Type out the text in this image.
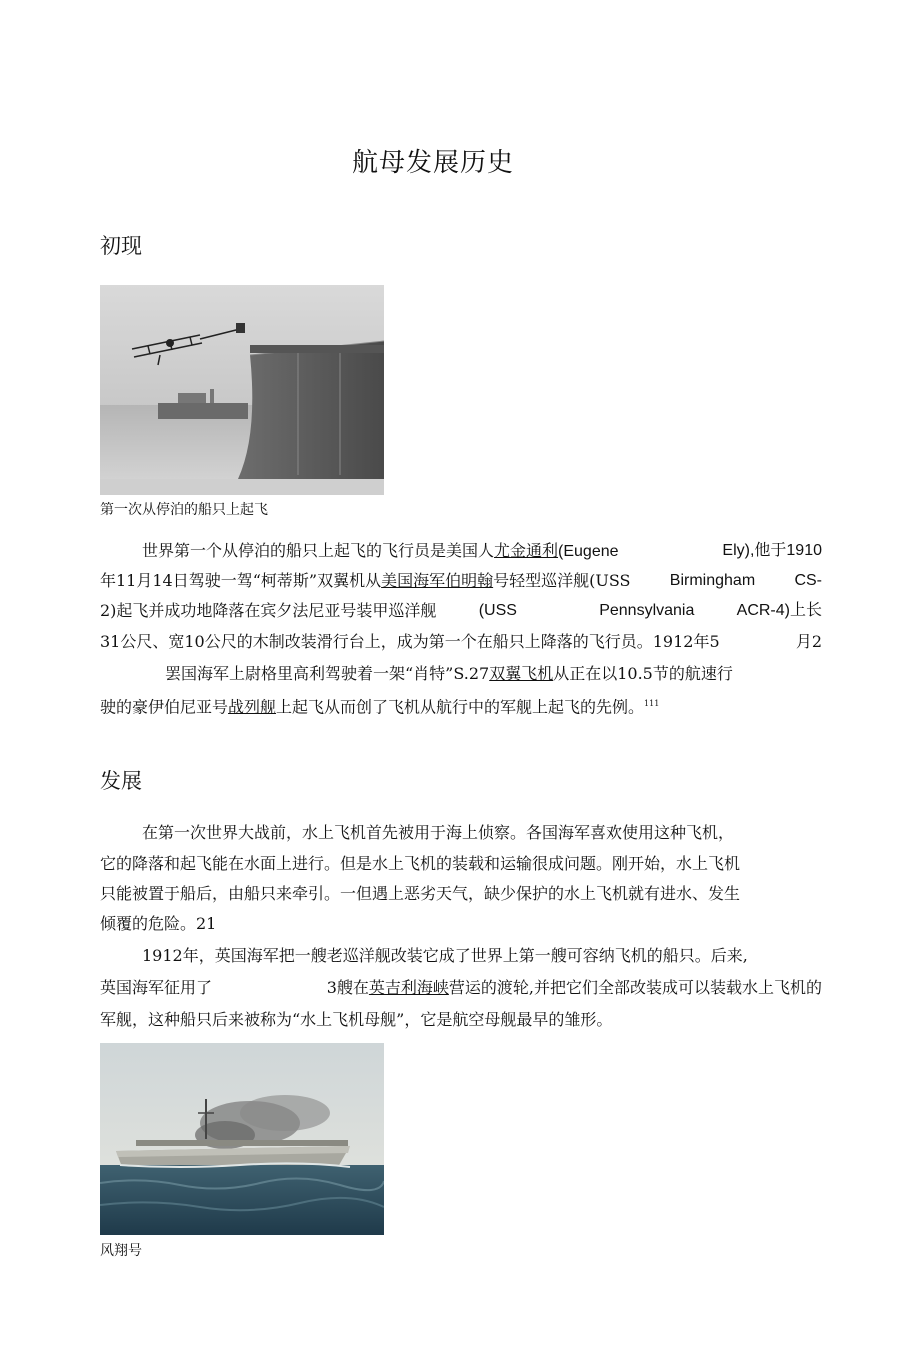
航母发展历史
初现

第一次从停泊的船只上起飞

世界第一个从停泊的船只上起飞的飞行员是美国人尤金通利(Eugene	Ely),他于1910

年11月14日驾驶一驾“柯蒂斯”双翼机从美国海军伯明翰号轻型巡洋舰(USS Birmingham CS-

2)起飞并成功地降落在宾夕法尼亚号装甲巡洋舰	(USS	Pennsylvania	ACR-4)上长

31公尺、宽10公尺的木制改装滑行台上，成为第一个在船只上降落的飞行员。1912年5	月2

罢国海军上尉格里高利驾驶着一架“肖特”S.27双翼飞机从正在以10.5节的航速行

驶的豪伊伯尼亚号战列舰上起飞从而创了飞机从航行中的军舰上起飞的先例。$^{111}$

发展

在第一次世界大战前，水上飞机首先被用于海上侦察。各国海军喜欢使用这种飞机，

它的降落和起飞能在水面上进行。但是水上飞机的装载和运输很成问题。刚开始，水上飞机

只能被置于船后，由船只来牵引。一但遇上恶劣天气，缺少保护的水上飞机就有进水、发生

倾覆的危险。21

1912年，英国海军把一艘老巡洋舰改装它成了世界上第一艘可容纳飞机的船只。后来,

英国海军征用了	3艘在英吉利海峡营运的渡轮,并把它们全部改装成可以装载水上飞机的

军舰，这种船只后来被称为“水上飞机母舰”，它是航空母舰最早的雏形。

风翔号
